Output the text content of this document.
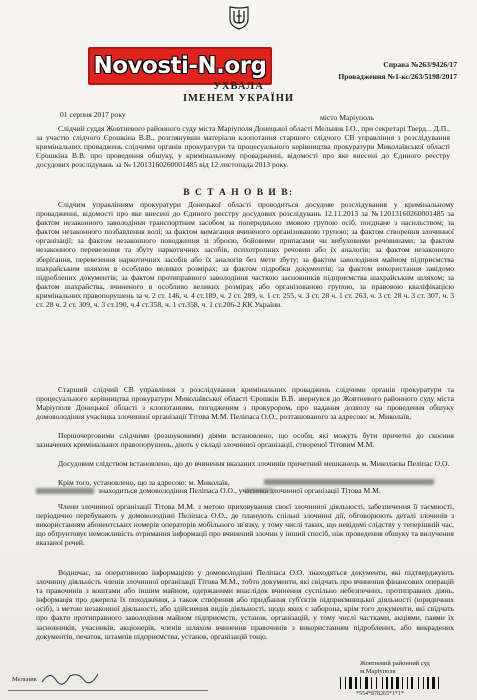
Novosti-N.org	Справа №263/9426/17
Провадження №1-кс/263/5198/2017
УХВАЛА
ІМЕНЕМ УКРАЇНИ
01 серпня 2017 року	місто Маріуполь
Слідчий суддя Жовтневого районного суду міста Маріуполя Донецької області Мельник І.О., при секретарі Тверд... Д.П., за участю слідчого Єрошкіна В.В., розглянувши матеріали клопотання старшого слідчого СВ управління з розслідування кримінальних проваджень слідчими органів прокуратури та процесуального керівництва прокуратури Миколаївської області Єрошкіна В.В. про проведення обшуку, у кримінальному провадженні, відомості про яке внесені до Єдиного реєстру досудових розслідувань за № 12013160260001485 від 12 листопада 2013 року.
В С Т А Н О В И В:
Слідчим управлінням прокуратури Донецької області проводиться досудове розслідування у кримінальному провадженні, відомості про яке внесені до Єдиного реєстру досудових розслідувань 12.11.2013 за №12013160260001485 за фактом незаконного заволодіння транспортним засобом за попередньою змовою групою осіб, поєднане з насильством; за фактом незаконного позбавлення волі; за фактом вимагання вчиненого організованою групою; за фактом створення злочинної організації; за фактом незаконного поводження зі зброєю, бойовими припасами чи вибуховими речовинами; за фактом незаконного перевезення та збуту наркотичних засобів, психотропних речовин або їх аналогів; за фактом незаконного зберігання, перевезення наркотичних засобів або їх аналогів без мети збуту; за фактом заволодіння майном підприємства шахрайським шляхом в особливо великих розмірах; за фактом підробки документів; за фактом використання завідомо підроблених документів; за фактом протиправного заволодіння часткою засновників підприємства шахрайським шляхом; за фактом шахрайства, вчиненого в особливо великих розмірах або організованою групою, за правовою кваліфікацією кримінальних правопорушень за ч. 2 ст. 146, ч. 4 ст.189, ч. 2 ст. 289, ч. 1 ст. 255, ч. 3 ст. 28 ч. 1 ст. 263, ч. 3 ст. 28 ч. 3 ст. 307, ч. 3 ст. 28 ч. 2 ст. 309, ч. 3 ст.190, ч.4 ст.358, ч. 1 ст.358, ч. 1 ст.206-2 КК України.
Старший слідчий СВ управління з розслідування кримінальних проваджень слідчими органів прокуратури та процесуального керівництва прокуратури Миколаївської області Єрошкін В.В. звернувся до Жовтневого районного суду міста Маріуполя Донецької області з клопотанням, погодженим з прокурором, про надання дозволу на проведення обшуку домоволодіння учасника злочинної організації Тітова М.М. Пеліпаса О.О., розташованого за адресою: м. Миколаїв,
Першочерговими слідчими (розшуковими) діями встановлено, що особи, які можуть бути причетні до скоєння зазначених кримінальних правопорушень, діють у складі злочинної організації, створеної Тітовим М.М.
Досудовим слідством встановлено, що до вчинення вказаних злочинів причетний мешканець м. Миколаєва Пеліпас О.О.
Крім того, установлено, що за адресою: м. Миколаїв,
знаходиться домоволодіння Пеліпаса О.О., учасника злочинної організації Тітова М.М.
Члени злочинної організації Тітова М.М. з метою приховування своєї злочинної діяльності, забезпечення її таємності, періодично перебувають у домоволодінні Пеліпаса О.О., де планують спільні злочинні дії, обговорюють деталі злочинів з використанням абонентських номерів операторів мобільного зв'язку, у тому числі таких, що невідомі слідству у теперішній час, що обґрунтовує неможливість отримання інформації про вчинений злочин у інший спосіб, ніж проведення обшуку та вилучення вказаної речей.
Водночас, за оперативною інформацією у домоволодінні Пеліпаса О.О. знаходяться документи, які підтверджують злочинну діяльність членів злочинної організації Тітова М.М., тобто документи, які свідчать про вчинення фінансових операцій та правочинів з коштами або іншим майном, одержаними внаслідок вчинення суспільно небезпечних, протиправних діянь, інформація про джерела їх походження, а також створення або придбання суб'єктів підприємницької діяльності (юридичних осіб), з метою незаконної діяльності, або здійснення видів діяльності, щодо яких є заборона, крім того документи, які свідчать про факти протиправного заволодіння майном підприємств, установ, організацій, у тому числі частками, акціями, паями їх засновників, учасників, акціонерів, членів шляхом вчинення правочинів з використанням підроблених, або викрадених документів, печаток, штампів підприємства, установ, організацій тощо.
Мельник
Жовтневий районний суд
м.Маріуполя
*554*878265*1*1*
